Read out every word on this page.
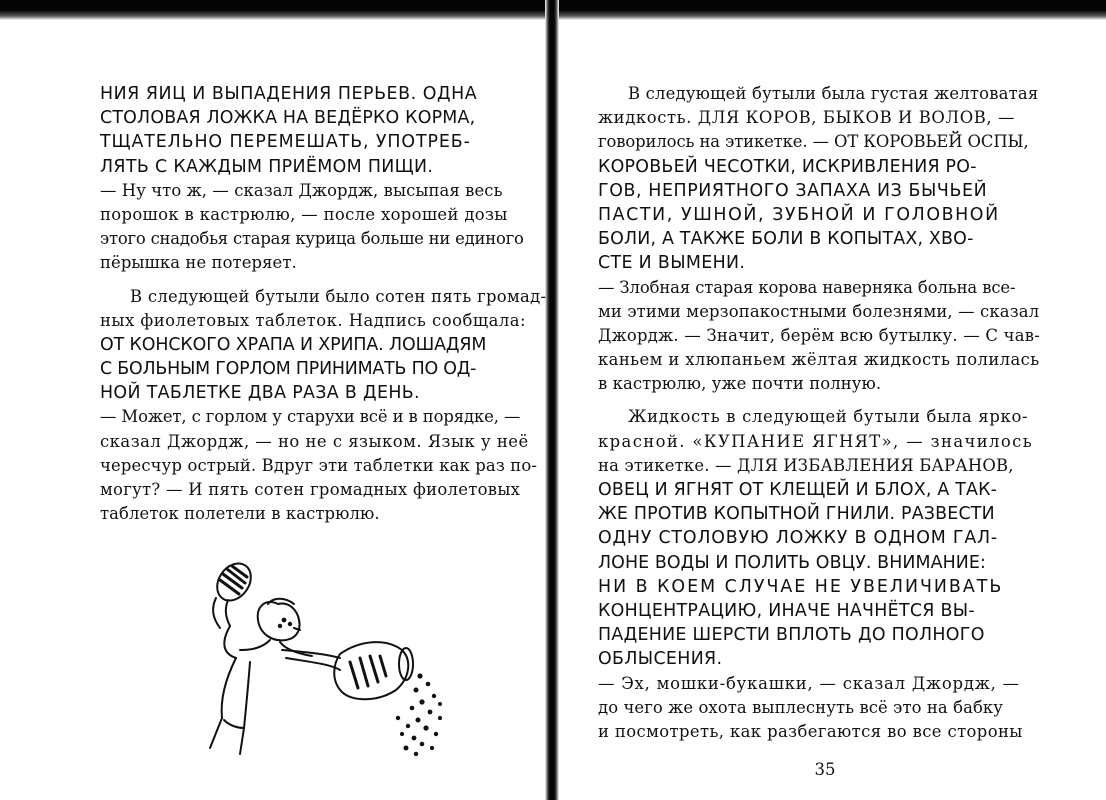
НИЯ ЯИЦ И ВЫПАДЕНИЯ ПЕРЬЕВ. ОДНА
СТОЛОВАЯ ЛОЖКА НА ВЕДЁРКО КОРМА,
ТЩАТЕЛЬНО ПЕРЕМЕШАТЬ, УПОТРЕБ-
ЛЯТЬ С КАЖДЫМ ПРИЁМОМ ПИЩИ.
— Ну что ж, — сказал Джордж, высыпая весь
порошок в кастрюлю, — после хорошей дозы
этого снадобья старая курица больше ни единого
пёрышка не потеряет.
В следующей бутыли было сотен пять громад-
ных фиолетовых таблеток. Надпись сообщала:
ОТ КОНСКОГО ХРАПА И ХРИПА. ЛОШАДЯМ
С БОЛЬНЫМ ГОРЛОМ ПРИНИМАТЬ ПО ОД-
НОЙ ТАБЛЕТКЕ ДВА РАЗА В ДЕНЬ.
— Может, с горлом у старухи всё и в порядке, —
сказал Джордж, — но не с языком. Язык у неё
чересчур острый. Вдруг эти таблетки как раз по-
могут? — И пять сотен громадных фиолетовых
таблеток полетели в кастрюлю.
В следующей бутыли была густая желтоватая
жидкость. ДЛЯ КОРОВ, БЫКОВ И ВОЛОВ, —
говорилось на этикетке. — ОТ КОРОВЬЕЙ ОСПЫ,
КОРОВЬЕЙ ЧЕСОТКИ, ИСКРИВЛЕНИЯ РО-
ГОВ, НЕПРИЯТНОГО ЗАПАХА ИЗ БЫЧЬЕЙ
ПАСТИ, УШНОЙ, ЗУБНОЙ И ГОЛОВНОЙ
БОЛИ, А ТАКЖЕ БОЛИ В КОПЫТАХ, ХВО-
СТЕ И ВЫМЕНИ.
— Злобная старая корова наверняка больна все-
ми этими мерзопакостными болезнями, — сказал
Джордж. — Значит, берём всю бутылку. — С чав-
каньем и хлюпаньем жёлтая жидкость полилась
в кастрюлю, уже почти полную.
Жидкость в следующей бутыли была ярко-
красной. «КУПАНИЕ ЯГНЯТ», — значилось
на этикетке. — ДЛЯ ИЗБАВЛЕНИЯ БАРАНОВ,
ОВЕЦ И ЯГНЯТ ОТ КЛЕЩЕЙ И БЛОХ, А ТАК-
ЖЕ ПРОТИВ КОПЫТНОЙ ГНИЛИ. РАЗВЕСТИ
ОДНУ СТОЛОВУЮ ЛОЖКУ В ОДНОМ ГАЛ-
ЛОНЕ ВОДЫ И ПОЛИТЬ ОВЦУ. ВНИМАНИЕ:
НИ В КОЕМ СЛУЧАЕ НЕ УВЕЛИЧИВАТЬ
КОНЦЕНТРАЦИЮ, ИНАЧЕ НАЧНЁТСЯ ВЫ-
ПАДЕНИЕ ШЕРСТИ ВПЛОТЬ ДО ПОЛНОГО
ОБЛЫСЕНИЯ.
— Эх, мошки-букашки, — сказал Джордж, —
до чего же охота выплеснуть всё это на бабку
и посмотреть, как разбегаются во все стороны
35
